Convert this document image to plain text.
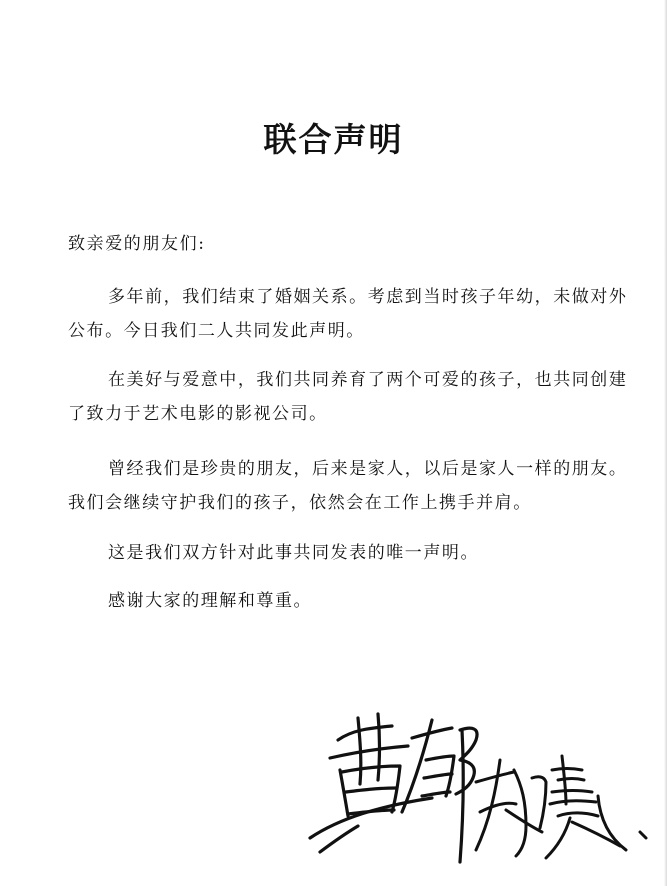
联合声明
致亲爱的朋友们:
多年前，我们结束了婚姻关系。考虑到当时孩子年幼，未做对外公布。今日我们二人共同发此声明。
在美好与爱意中，我们共同养育了两个可爱的孩子，也共同创建了致力于艺术电影的影视公司。
曾经我们是珍贵的朋友，后来是家人，以后是家人一样的朋友。我们会继续守护我们的孩子，依然会在工作上携手并肩。
这是我们双方针对此事共同发表的唯一声明。
感谢大家的理解和尊重。
